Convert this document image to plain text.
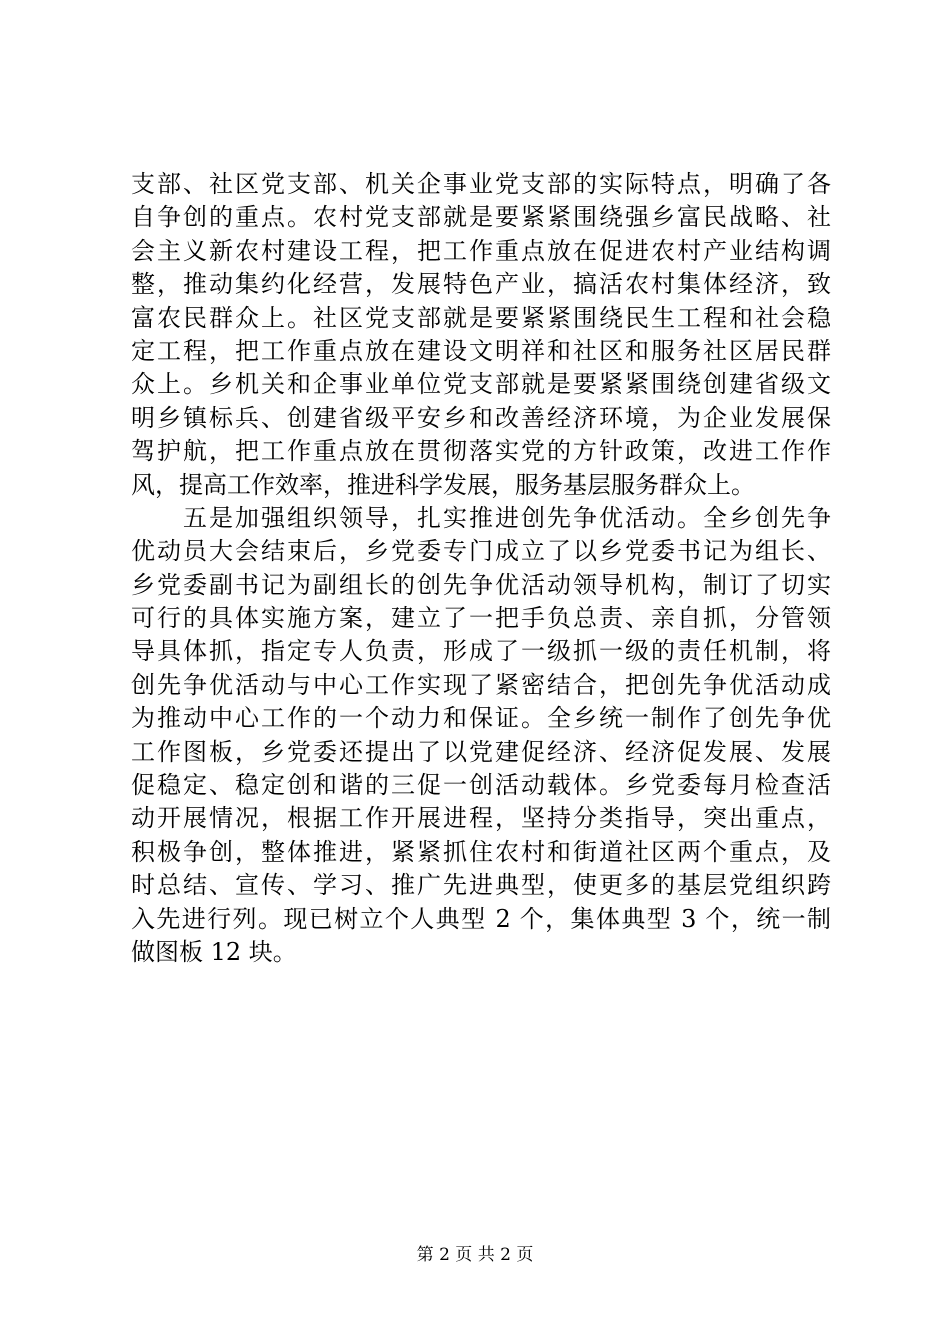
支部、社区党支部、机关企事业党支部的实际特点，明确了各
自争创的重点。农村党支部就是要紧紧围绕强乡富民战略、社
会主义新农村建设工程，把工作重点放在促进农村产业结构调
整，推动集约化经营，发展特色产业，搞活农村集体经济，致
富农民群众上。社区党支部就是要紧紧围绕民生工程和社会稳
定工程，把工作重点放在建设文明祥和社区和服务社区居民群
众上。乡机关和企事业单位党支部就是要紧紧围绕创建省级文
明乡镇标兵、创建省级平安乡和改善经济环境，为企业发展保
驾护航，把工作重点放在贯彻落实党的方针政策，改进工作作
风，提高工作效率，推进科学发展，服务基层服务群众上。
　　五是加强组织领导，扎实推进创先争优活动。全乡创先争
优动员大会结束后，乡党委专门成立了以乡党委书记为组长、
乡党委副书记为副组长的创先争优活动领导机构，制订了切实
可行的具体实施方案，建立了一把手负总责、亲自抓，分管领
导具体抓，指定专人负责，形成了一级抓一级的责任机制，将
创先争优活动与中心工作实现了紧密结合，把创先争优活动成
为推动中心工作的一个动力和保证。全乡统一制作了创先争优
工作图板，乡党委还提出了以党建促经济、经济促发展、发展
促稳定、稳定创和谐的三促一创活动载体。乡党委每月检查活
动开展情况，根据工作开展进程，坚持分类指导，突出重点，
积极争创，整体推进，紧紧抓住农村和街道社区两个重点，及
时总结、宣传、学习、推广先进典型，使更多的基层党组织跨
入先进行列。现已树立个人典型 2 个，集体典型 3 个，统一制
做图板 12 块。
第 2 页 共 2 页
